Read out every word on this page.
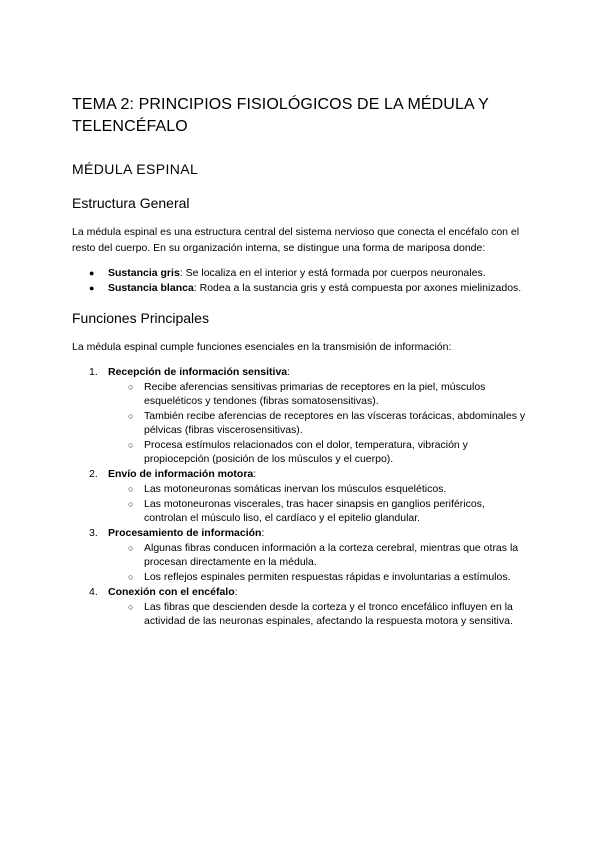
TEMA 2: PRINCIPIOS FISIOLÓGICOS DE LA MÉDULA Y TELENCÉFALO
MÉDULA ESPINAL
Estructura General

La médula espinal es una estructura central del sistema nervioso que conecta el encéfalo con el resto del cuerpo. En su organización interna, se distingue una forma de mariposa donde:

● Sustancia gris: Se localiza en el interior y está formada por cuerpos neuronales.
● Sustancia blanca: Rodea a la sustancia gris y está compuesta por axones mielinizados.
Funciones Principales

La médula espinal cumple funciones esenciales en la transmisión de información:

1. Recepción de información sensitiva:
○ Recibe aferencias sensitivas primarias de receptores en la piel, músculos esqueléticos y tendones (fibras somatosensitivas).
○ También recibe aferencias de receptores en las vísceras torácicas, abdominales y pélvicas (fibras viscerosensitivas).
○ Procesa estímulos relacionados con el dolor, temperatura, vibración y propiocepción (posición de los músculos y el cuerpo).
2. Envío de información motora:
○ Las motoneuronas somáticas inervan los músculos esqueléticos.
○ Las motoneuronas viscerales, tras hacer sinapsis en ganglios periféricos, controlan el músculo liso, el cardíaco y el epitelio glandular.
3. Procesamiento de información:
○ Algunas fibras conducen información a la corteza cerebral, mientras que otras la procesan directamente en la médula.
○ Los reflejos espinales permiten respuestas rápidas e involuntarias a estímulos.
4. Conexión con el encéfalo:
○ Las fibras que descienden desde la corteza y el tronco encefálico influyen en la actividad de las neuronas espinales, afectando la respuesta motora y sensitiva.
